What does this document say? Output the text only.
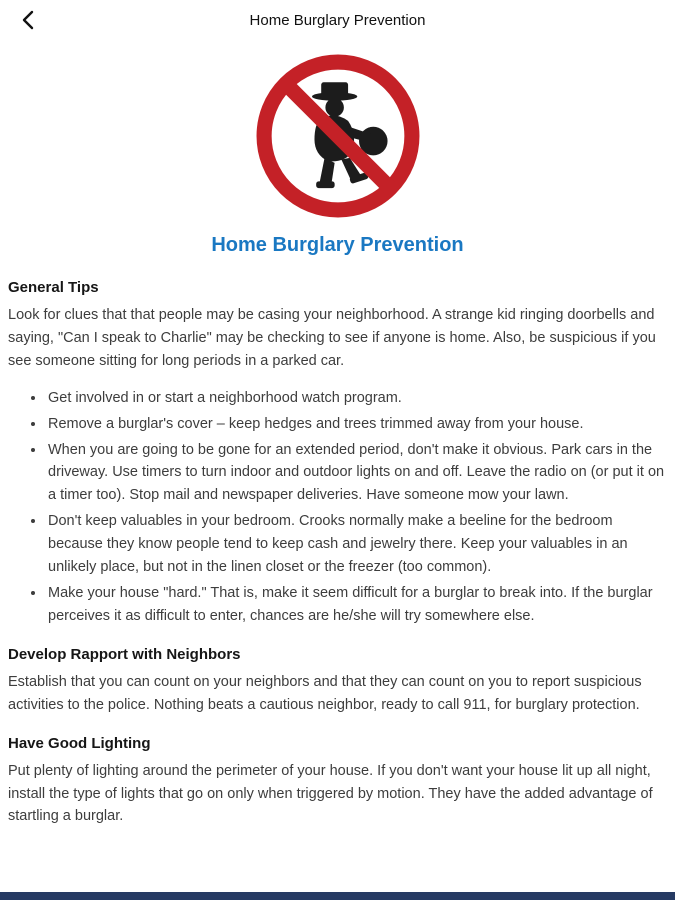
Home Burglary Prevention
Home Burglary Prevention
General Tips

Look for clues that that people may be casing your neighborhood. A strange kid ringing doorbells and saying, "Can I speak to Charlie" may be checking to see if anyone is home. Also, be suspicious if you see someone sitting for long periods in a parked car.

• Get involved in or start a neighborhood watch program.
• Remove a burglar's cover – keep hedges and trees trimmed away from your house.
• When you are going to be gone for an extended period, don't make it obvious. Park cars in the driveway. Use timers to turn indoor and outdoor lights on and off. Leave the radio on (or put it on a timer too). Stop mail and newspaper deliveries. Have someone mow your lawn.
• Don't keep valuables in your bedroom. Crooks normally make a beeline for the bedroom because they know people tend to keep cash and jewelry there. Keep your valuables in an unlikely place, but not in the linen closet or the freezer (too common).
• Make your house "hard." That is, make it seem difficult for a burglar to break into. If the burglar perceives it as difficult to enter, chances are he/she will try somewhere else.
Develop Rapport with Neighbors

Establish that you can count on your neighbors and that they can count on you to report suspicious activities to the police. Nothing beats a cautious neighbor, ready to call 911, for burglary protection.

Have Good Lighting

Put plenty of lighting around the perimeter of your house. If you don't want your house lit up all night, install the type of lights that go on only when triggered by motion. They have the added advantage of startling a burglar.
